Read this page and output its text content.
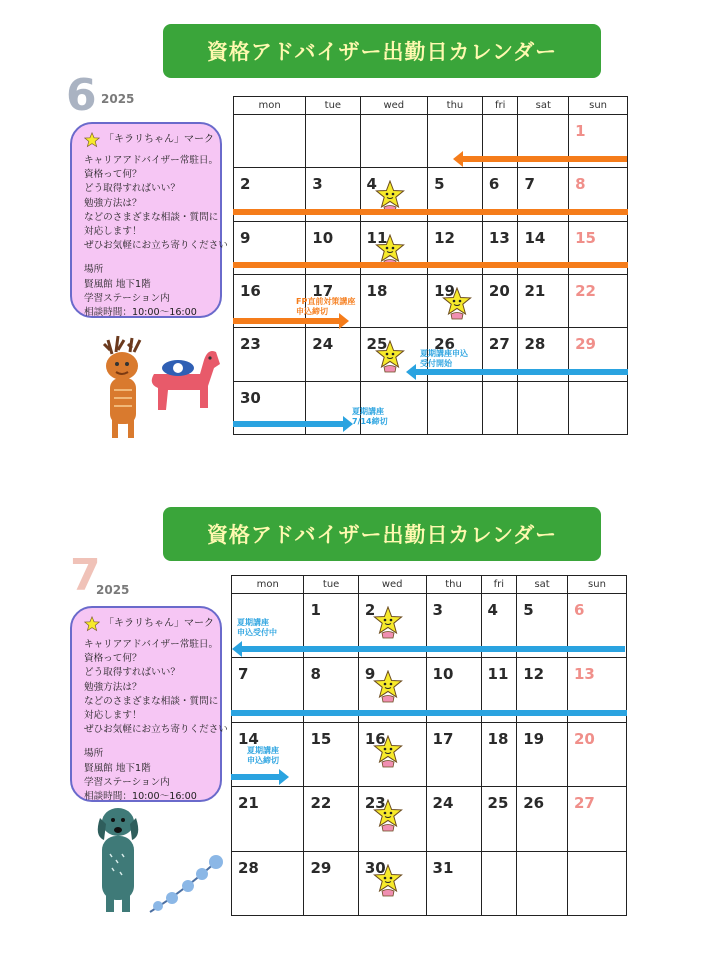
資格アドバイザー出勤日カレンダー
6 2025
「キラリちゃん」マーク
キャリアアドバイザー常駐日。
資格って何？
どう取得すればいい？
勉強方法は？
などのさまざまな相談・質問に
対応します！
ぜひお気軽にお立ち寄りください
場所
賢風館 地下1階
学習ステーション内
相談時間：10:00～16:00
mon	tue	wed	thu	fri	sat	sun

						1

2	3	4	5	6	7	8

9	10	11	12	13	14	15

16	17	18	19	20	21	22

23	24	25	26	27	28	29

30						

FP直前対策講座
申込締切
夏期講座申込
受付開始
夏期講座
7/14締切
資格アドバイザー出勤日カレンダー
7
2025
「キラリちゃん」マーク
キャリアアドバイザー常駐日。
資格って何？
どう取得すればいい？
勉強方法は？
などのさまざまな相談・質問に
対応します！
ぜひお気軽にお立ち寄りください
場所
賢風館 地下1階
学習ステーション内
相談時間：10:00～16:00
mon	tue	wed	thu	fri	sat	sun

	1	2	3	4	5	6

7	8	9	10	11	12	13

14	15	16	17	18	19	20

21	22	23	24	25	26	27

28	29	30	31			

夏期講座
申込受付中
夏期講座
申込締切
